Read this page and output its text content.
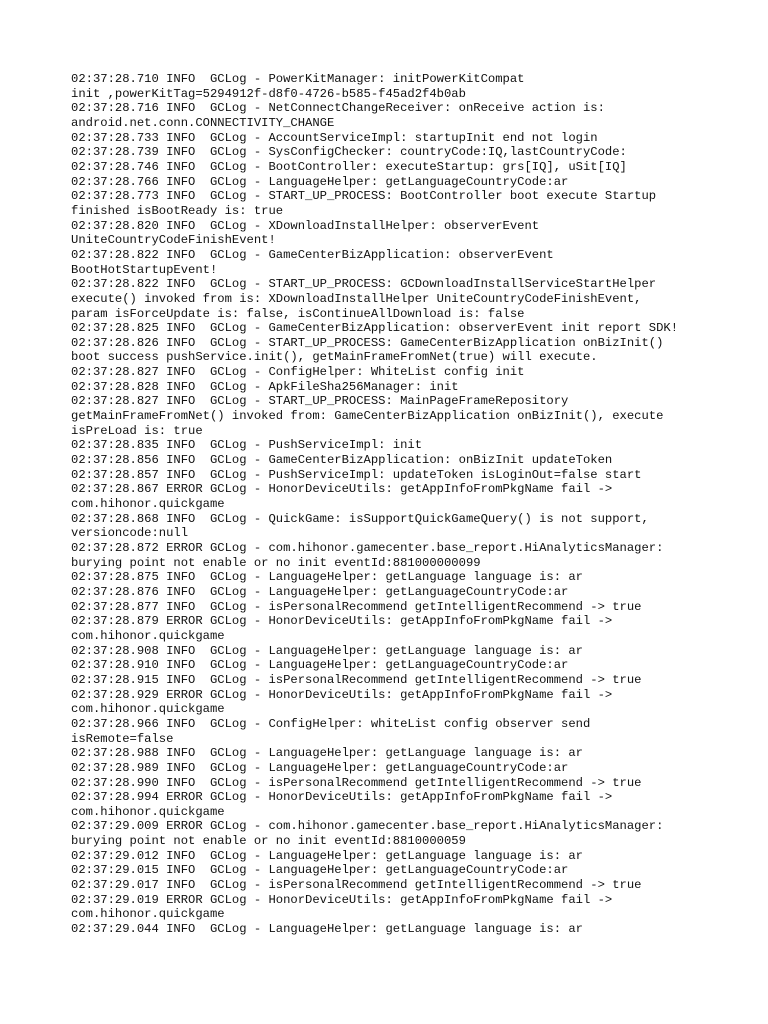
02:37:28.710 INFO  GCLog - PowerKitManager: initPowerKitCompat
init ,powerKitTag=5294912f-d8f0-4726-b585-f45ad2f4b0ab
02:37:28.716 INFO  GCLog - NetConnectChangeReceiver: onReceive action is:
android.net.conn.CONNECTIVITY_CHANGE
02:37:28.733 INFO  GCLog - AccountServiceImpl: startupInit end not login
02:37:28.739 INFO  GCLog - SysConfigChecker: countryCode:IQ,lastCountryCode:
02:37:28.746 INFO  GCLog - BootController: executeStartup: grs[IQ], uSit[IQ]
02:37:28.766 INFO  GCLog - LanguageHelper: getLanguageCountryCode:ar
02:37:28.773 INFO  GCLog - START_UP_PROCESS: BootController boot execute Startup
finished isBootReady is: true
02:37:28.820 INFO  GCLog - XDownloadInstallHelper: observerEvent
UniteCountryCodeFinishEvent!
02:37:28.822 INFO  GCLog - GameCenterBizApplication: observerEvent
BootHotStartupEvent!
02:37:28.822 INFO  GCLog - START_UP_PROCESS: GCDownloadInstallServiceStartHelper
execute() invoked from is: XDownloadInstallHelper UniteCountryCodeFinishEvent,
param isForceUpdate is: false, isContinueAllDownload is: false
02:37:28.825 INFO  GCLog - GameCenterBizApplication: observerEvent init report SDK!
02:37:28.826 INFO  GCLog - START_UP_PROCESS: GameCenterBizApplication onBizInit()
boot success pushService.init(), getMainFrameFromNet(true) will execute.
02:37:28.827 INFO  GCLog - ConfigHelper: WhiteList config init
02:37:28.828 INFO  GCLog - ApkFileSha256Manager: init
02:37:28.827 INFO  GCLog - START_UP_PROCESS: MainPageFrameRepository
getMainFrameFromNet() invoked from: GameCenterBizApplication onBizInit(), execute
isPreLoad is: true
02:37:28.835 INFO  GCLog - PushServiceImpl: init
02:37:28.856 INFO  GCLog - GameCenterBizApplication: onBizInit updateToken
02:37:28.857 INFO  GCLog - PushServiceImpl: updateToken isLoginOut=false start
02:37:28.867 ERROR GCLog - HonorDeviceUtils: getAppInfoFromPkgName fail ->
com.hihonor.quickgame
02:37:28.868 INFO  GCLog - QuickGame: isSupportQuickGameQuery() is not support,
versioncode:null
02:37:28.872 ERROR GCLog - com.hihonor.gamecenter.base_report.HiAnalyticsManager:
burying point not enable or no init eventId:881000000099
02:37:28.875 INFO  GCLog - LanguageHelper: getLanguage language is: ar
02:37:28.876 INFO  GCLog - LanguageHelper: getLanguageCountryCode:ar
02:37:28.877 INFO  GCLog - isPersonalRecommend getIntelligentRecommend -> true
02:37:28.879 ERROR GCLog - HonorDeviceUtils: getAppInfoFromPkgName fail ->
com.hihonor.quickgame
02:37:28.908 INFO  GCLog - LanguageHelper: getLanguage language is: ar
02:37:28.910 INFO  GCLog - LanguageHelper: getLanguageCountryCode:ar
02:37:28.915 INFO  GCLog - isPersonalRecommend getIntelligentRecommend -> true
02:37:28.929 ERROR GCLog - HonorDeviceUtils: getAppInfoFromPkgName fail ->
com.hihonor.quickgame
02:37:28.966 INFO  GCLog - ConfigHelper: whiteList config observer send
isRemote=false
02:37:28.988 INFO  GCLog - LanguageHelper: getLanguage language is: ar
02:37:28.989 INFO  GCLog - LanguageHelper: getLanguageCountryCode:ar
02:37:28.990 INFO  GCLog - isPersonalRecommend getIntelligentRecommend -> true
02:37:28.994 ERROR GCLog - HonorDeviceUtils: getAppInfoFromPkgName fail ->
com.hihonor.quickgame
02:37:29.009 ERROR GCLog - com.hihonor.gamecenter.base_report.HiAnalyticsManager:
burying point not enable or no init eventId:8810000059
02:37:29.012 INFO  GCLog - LanguageHelper: getLanguage language is: ar
02:37:29.015 INFO  GCLog - LanguageHelper: getLanguageCountryCode:ar
02:37:29.017 INFO  GCLog - isPersonalRecommend getIntelligentRecommend -> true
02:37:29.019 ERROR GCLog - HonorDeviceUtils: getAppInfoFromPkgName fail ->
com.hihonor.quickgame
02:37:29.044 INFO  GCLog - LanguageHelper: getLanguage language is: ar
